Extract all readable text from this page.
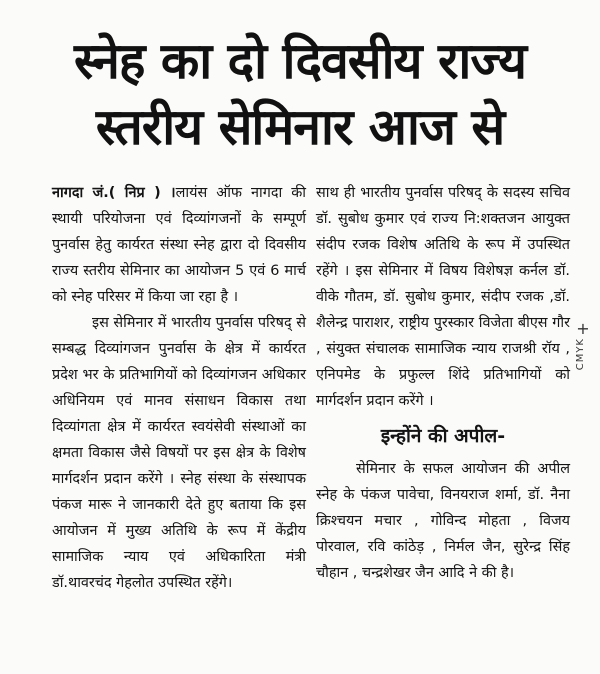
स्नेह का दो दिवसीय राज्य
स्तरीय सेमिनार आज से

नागदा जं.( निप्र ) ।लायंस ऑफ नागदा की स्थायी परियोजना एवं दिव्यांगजनों के सम्पूर्ण पुनर्वास हेतु कार्यरत संस्था स्नेह द्वारा दो दिवसीय राज्य स्तरीय सेमिनार का आयोजन 5 एवं 6 मार्च को स्नेह परिसर में किया जा रहा है ।

इस सेमिनार में भारतीय पुनर्वास परिषद् से सम्बद्ध दिव्यांगजन पुनर्वास के क्षेत्र में कार्यरत प्रदेश भर के प्रतिभागियों को दिव्यांगजन अधिकार अधिनियम एवं मानव संसाधन विकास तथा दिव्यांगता क्षेत्र में कार्यरत स्वयंसेवी संस्थाओं का क्षमता विकास जैसे विषयों पर इस क्षेत्र के विशेष मार्गदर्शन प्रदान करेंगे । स्नेह संस्था के संस्थापक पंकज मारू ने जानकारी देते हुए बताया कि इस आयोजन में मुख्य अतिथि के रूप में केंद्रीय सामाजिक न्याय एवं अधिकारिता मंत्री डॉ.थावरचंद गेहलोत उपस्थित रहेंगे।

साथ ही भारतीय पुनर्वास परिषद् के सदस्य सचिव डॉ. सुबोध कुमार एवं राज्य नि:शक्तजन आयुक्त संदीप रजक विशेष अतिथि के रूप में उपस्थित रहेंगे । इस सेमिनार में विषय विशेषज्ञ कर्नल डॉ. वीके गौतम, डॉ. सुबोध कुमार, संदीप रजक ,डॉ. शैलेन्द्र पाराशर, राष्ट्रीय पुरस्कार विजेता बीएस गौर , संयुक्त संचालक सामाजिक न्याय राजश्री रॉय , एनिपमेड के प्रफुल्ल शिंदे प्रतिभागियों को मार्गदर्शन प्रदान करेंगे ।

इन्होंने की अपील-

सेमिनार के सफल आयोजन की अपील स्नेह के पंकज पावेचा, विनयराज शर्मा, डॉ. नैना क्रिश्चयन मचार , गोविन्द मोहता , विजय पोरवाल, रवि कांठेड़ , निर्मल जैन, सुरेन्द्र सिंह चौहान , चन्द्रशेखर जैन आदि ने की है।

+
CMYK
